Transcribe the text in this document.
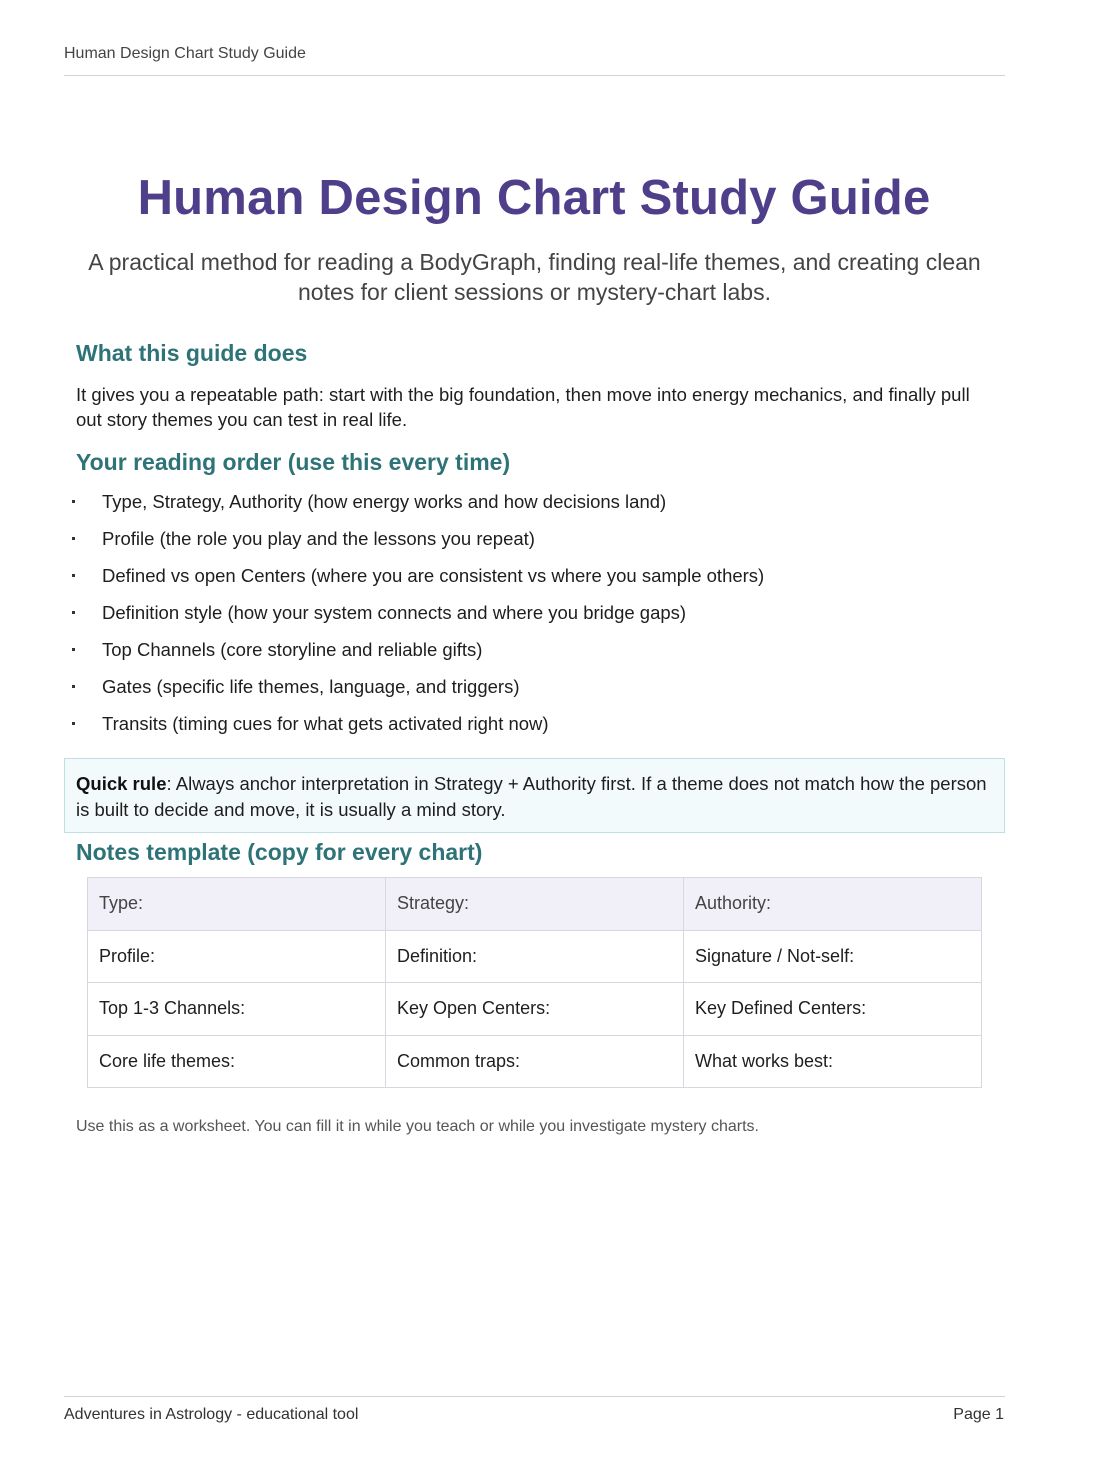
Human Design Chart Study Guide
Human Design Chart Study Guide
A practical method for reading a BodyGraph, finding real-life themes, and creating clean notes for client sessions or mystery-chart labs.
What this guide does

It gives you a repeatable path: start with the big foundation, then move into energy mechanics, and finally pull out story themes you can test in real life.

Your reading order (use this every time)
Type, Strategy, Authority (how energy works and how decisions land)
Profile (the role you play and the lessons you repeat)
Defined vs open Centers (where you are consistent vs where you sample others)
Definition style (how your system connects and where you bridge gaps)
Top Channels (core storyline and reliable gifts)
Gates (specific life themes, language, and triggers)
Transits (timing cues for what gets activated right now)
Quick rule: Always anchor interpretation in Strategy + Authority first. If a theme does not match how the person is built to decide and move, it is usually a mind story.
Notes template (copy for every chart)
Type:	Strategy:	Authority:
Profile:	Definition:	Signature / Not-self:
Top 1-3 Channels:	Key Open Centers:	Key Defined Centers:
Core life themes:	Common traps:	What works best:

Use this as a worksheet. You can fill it in while you teach or while you investigate mystery charts.

Adventures in Astrology - educational tool	Page 1
